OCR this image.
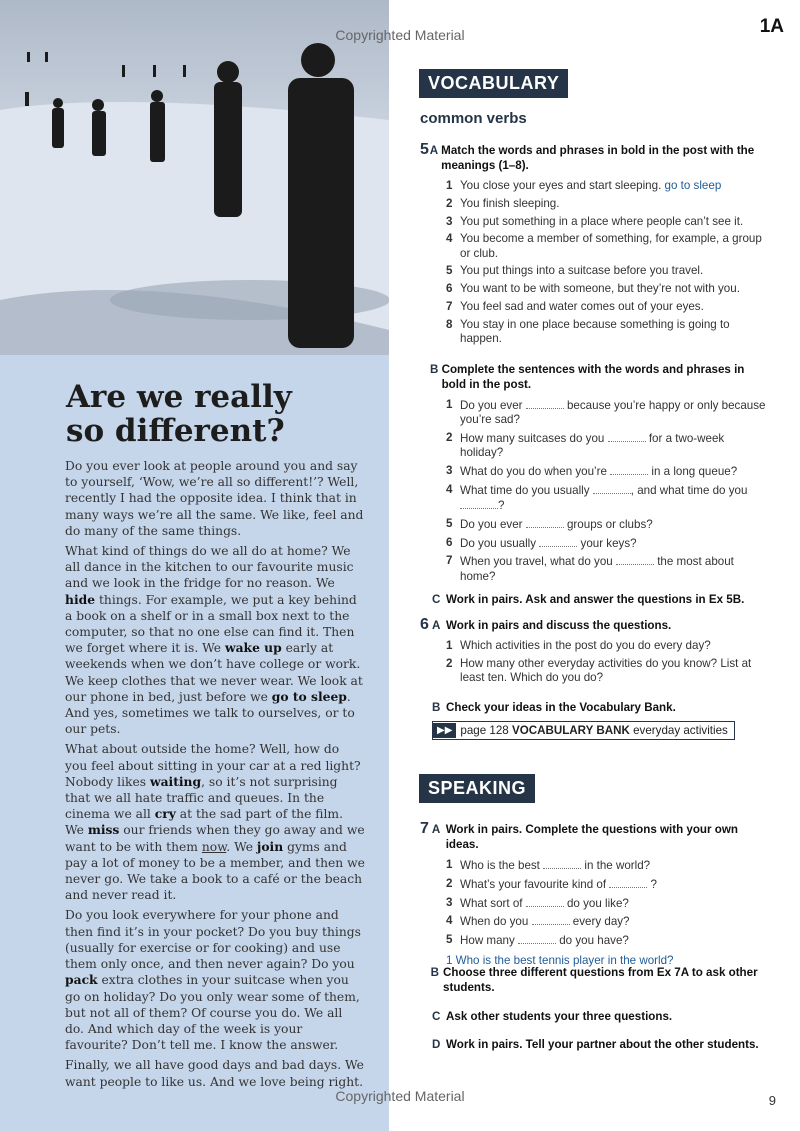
Copyrighted Material	1A
Are we really
so different?

Do you ever look at people around you and say to yourself, ‘Wow, we’re all so different!’? Well, recently I had the opposite idea. I think that in many ways we’re all the same. We like, feel and do many of the same things.

What kind of things do we all do at home? We all dance in the kitchen to our favourite music and we look in the fridge for no reason. We hide things. For example, we put a key behind a book on a shelf or in a small box next to the computer, so that no one else can find it. Then we forget where it is. We wake up early at weekends when we don’t have college or work. We keep clothes that we never wear. We look at our phone in bed, just before we go to sleep. And yes, sometimes we talk to ourselves, or to our pets.

What about outside the home? Well, how do you feel about sitting in your car at a red light? Nobody likes waiting, so it’s not surprising that we all hate traffic and queues. In the cinema we all cry at the sad part of the film. We miss our friends when they go away and we want to be with them now. We join gyms and pay a lot of money to be a member, and then we never go. We take a book to a café or the beach and never read it.

Do you look everywhere for your phone and then find it’s in your pocket? Do you buy things (usually for exercise or for cooking) and use them only once, and then never again? Do you pack extra clothes in your suitcase when you go on holiday? Do you only wear some of them, but not all of them? Of course you do. We all do. And which day of the week is your favourite? Don’t tell me. I know the answer.

Finally, we all have good days and bad days. We want people to like us. And we love being right.

VOCABULARY
common verbs
5 A Match the words and phrases in bold in the post with the meanings (1–8).
1 You close your eyes and start sleeping. go to sleep
2 You finish sleeping.
3 You put something in a place where people can’t see it.
4 You become a member of something, for example, a group or club.
5 You put things into a suitcase before you travel.
6 You want to be with someone, but they’re not with you.
7 You feel sad and water comes out of your eyes.
8 You stay in one place because something is going to happen.
B Complete the sentences with the words and phrases in bold in the post.
1 Do you ever	because you’re happy or only because you’re sad?
2 How many suitcases do you	for a two-week holiday?
3 What do you do when you’re	in a long queue?
4 What time do you usually	, and what time do you ?
5 Do you ever	groups or clubs?
6 Do you usually	your keys?
7 When you travel, what do you	the most about home?
C Work in pairs. Ask and answer the questions in Ex 5B.
6 A Work in pairs and discuss the questions.
1 Which activities in the post do you do every day?
2 How many other everyday activities do you know? List at least ten. Which do you do?
B Check your ideas in the Vocabulary Bank.
▶▶ page 128
VOCABULARY BANK
everyday activities
SPEAKING
7 A Work in pairs. Complete the questions with your own ideas.
1 Who is the best	in the world?
2 What’s your favourite kind of	?
3 What sort of	do you like?
4 When do you	every day?
5 How many	do you have?
1 Who is the best tennis player in the world?
B Choose three different questions from Ex 7A to ask other students.
C Ask other students your three questions.
D Work in pairs. Tell your partner about the other students.
Copyrighted Material	9
